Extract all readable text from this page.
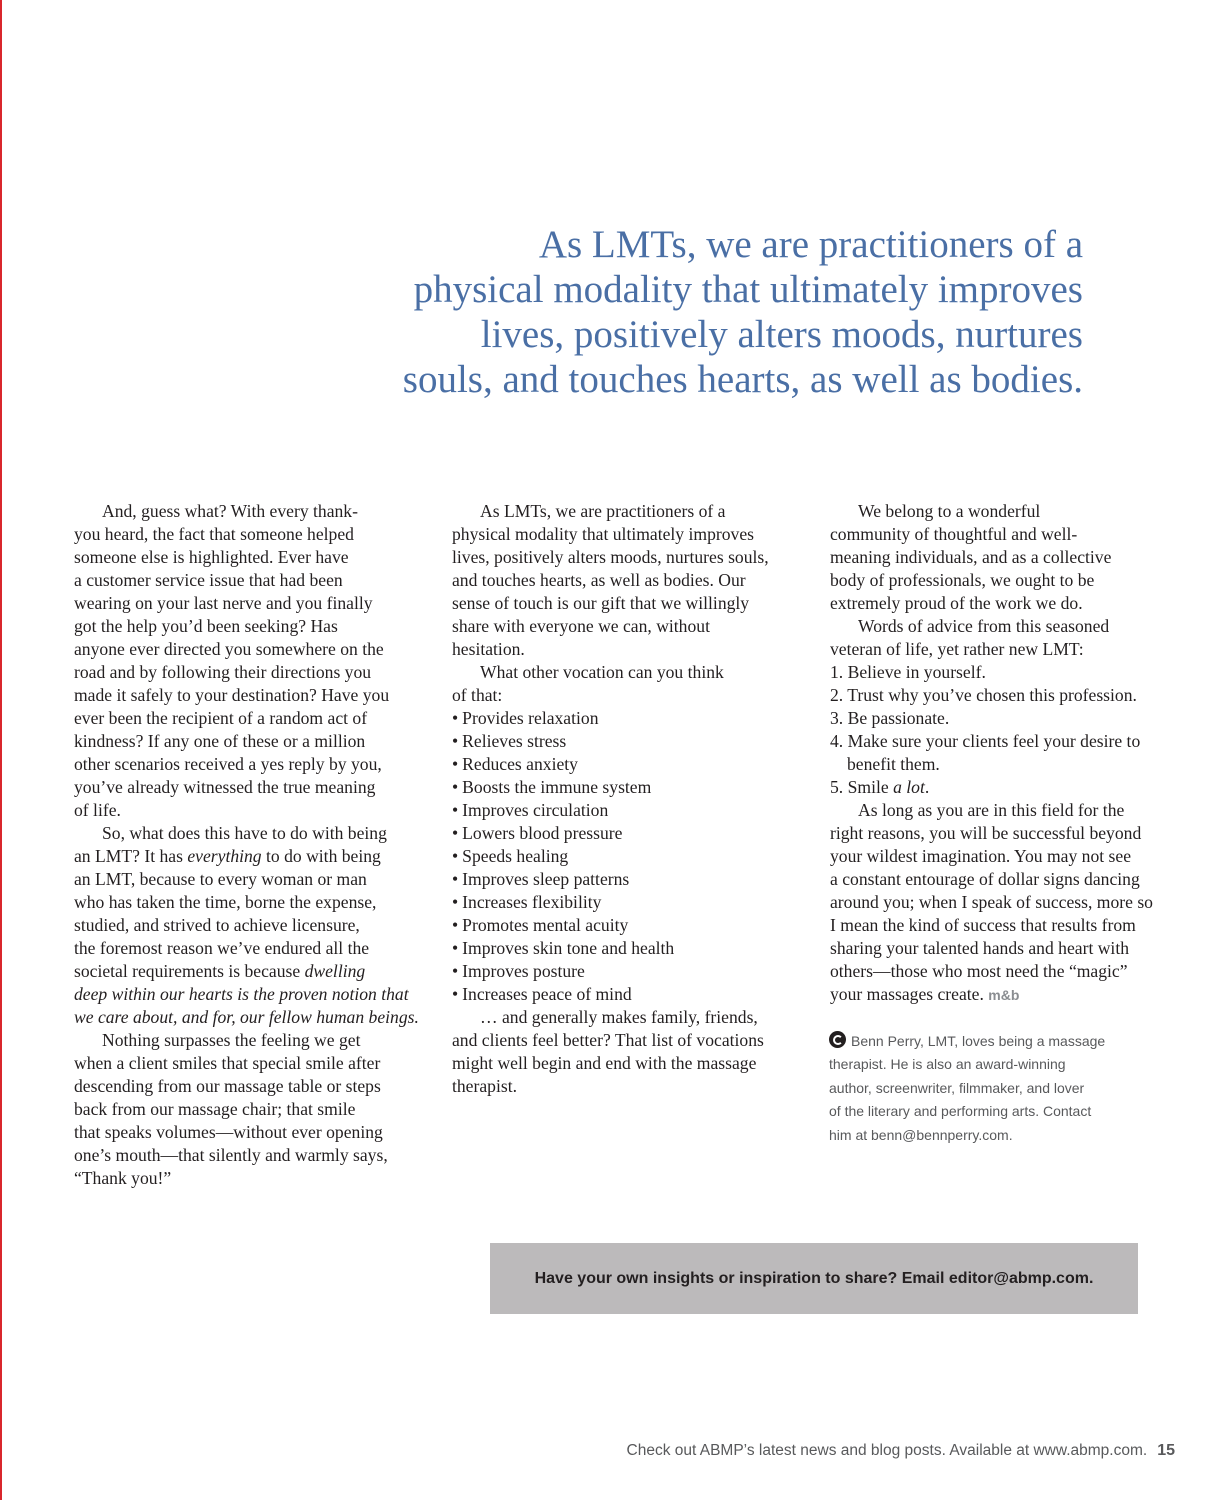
As LMTs, we are practitioners of a
physical modality that ultimately improves
lives, positively alters moods, nurtures
souls, and touches hearts, as well as bodies.

And, guess what? With every thank-
you heard, the fact that someone helped
someone else is highlighted. Ever have
a customer service issue that had been
wearing on your last nerve and you finally
got the help you’d been seeking? Has
anyone ever directed you somewhere on the
road and by following their directions you
made it safely to your destination? Have you
ever been the recipient of a random act of
kindness? If any one of these or a million
other scenarios received a yes reply by you,
you’ve already witnessed the true meaning
of life.

So, what does this have to do with being
an LMT? It has everything to do with being
an LMT, because to every woman or man
who has taken the time, borne the expense,
studied, and strived to achieve licensure,
the foremost reason we’ve endured all the
societal requirements is because dwelling
deep within our hearts is the proven notion that
we care about, and for, our fellow human beings.

Nothing surpasses the feeling we get
when a client smiles that special smile after
descending from our massage table or steps
back from our massage chair; that smile
that speaks volumes—without ever opening
one’s mouth—that silently and warmly says,
“Thank you!”

As LMTs, we are practitioners of a
physical modality that ultimately improves
lives, positively alters moods, nurtures souls,
and touches hearts, as well as bodies. Our
sense of touch is our gift that we willingly
share with everyone we can, without
hesitation.

What other vocation can you think
of that:

• Provides relaxation
• Relieves stress
• Reduces anxiety
• Boosts the immune system
• Improves circulation
• Lowers blood pressure
• Speeds healing
• Improves sleep patterns
• Increases flexibility
• Promotes mental acuity
• Improves skin tone and health
• Improves posture
• Increases peace of mind

… and generally makes family, friends,
and clients feel better? That list of vocations
might well begin and end with the massage
therapist.

We belong to a wonderful
community of thoughtful and well-
meaning individuals, and as a collective
body of professionals, we ought to be
extremely proud of the work we do.

Words of advice from this seasoned
veteran of life, yet rather new LMT:

1. Believe in yourself.
2. Trust why you’ve chosen this profession.
3. Be passionate.
4. Make sure your clients feel your desire to
benefit them.
5. Smile a lot.

As long as you are in this field for the
right reasons, you will be successful beyond
your wildest imagination. You may not see
a constant entourage of dollar signs dancing
around you; when I speak of success, more so
I mean the kind of success that results from
sharing your talented hands and heart with
others—those who most need the “magic”
your massages create. m&b

Benn Perry, LMT, loves being a massage
therapist. He is also an award-winning
author, screenwriter, filmmaker, and lover
of the literary and performing arts. Contact
him at benn@bennperry.com.
Have your own insights or inspiration to share? Email editor@abmp.com.
Check out ABMP’s latest news and blog posts. Available at www.abmp.com. 15
